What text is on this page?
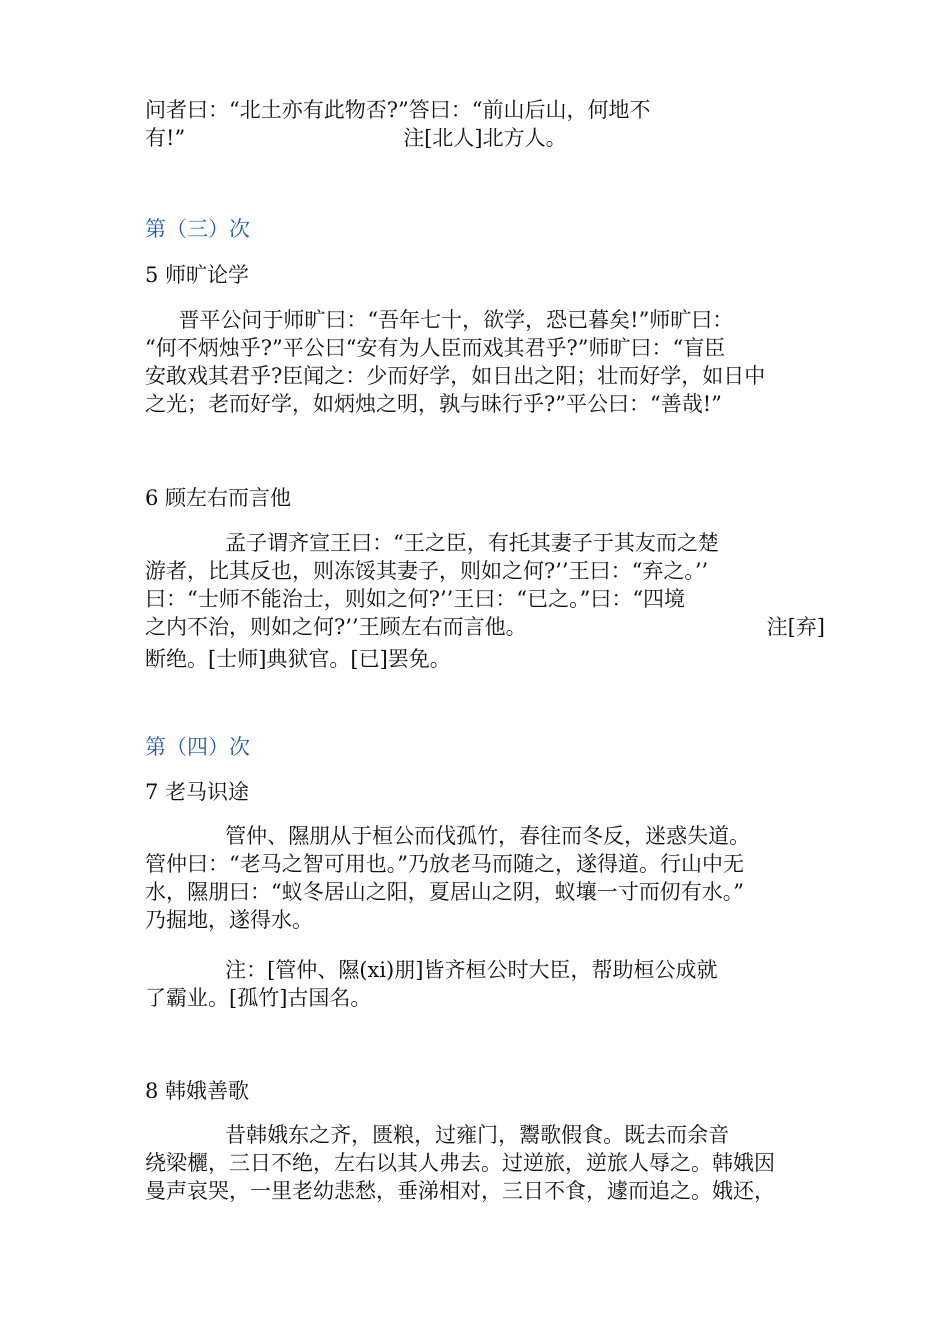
问者曰：“北土亦有此物否?”答曰：“前山后山，何地不

有!”	注[北人]北方人。

第（三）次

5 师旷论学

晋平公问于师旷曰：“吾年七十，欲学，恐已暮矣!”师旷曰：
“何不炳烛乎?”平公曰“安有为人臣而戏其君乎?”师旷曰：“盲臣
安敢戏其君乎?臣闻之：少而好学，如日出之阳；壮而好学，如日中
之光；老而好学，如炳烛之明，孰与昧行乎?”平公曰：“善哉!”

6 顾左右而言他

孟子谓齐宣王曰：“王之臣，有托其妻子于其友而之楚
游者，比其反也，则冻馁其妻子，则如之何?’’王曰：“弃之。’’
曰：“士师不能治士，则如之何?’’王曰：“已之。”曰：“四境
之内不治，则如之何?’’王顾左右而言他。	注[弃]

断绝。[士师]典狱官。[已]罢免。

第（四）次

7 老马识途

管仲、隰朋从于桓公而伐孤竹，春往而冬反，迷惑失道。
管仲曰：“老马之智可用也。”乃放老马而随之，遂得道。行山中无
水，隰朋曰：“蚁冬居山之阳，夏居山之阴，蚁壤一寸而仞有水。”
乃掘地，遂得水。

注：[管仲、隰(xi)朋]皆齐桓公时大臣，帮助桓公成就
了霸业。[孤竹]古国名。

8 韩娥善歌

昔韩娥东之齐，匮粮，过雍门，鬻歌假食。既去而余音
绕梁欐，三日不绝，左右以其人弗去。过逆旅，逆旅人辱之。韩娥因
曼声哀哭，一里老幼悲愁，垂涕相对，三日不食，遽而追之。娥还，
